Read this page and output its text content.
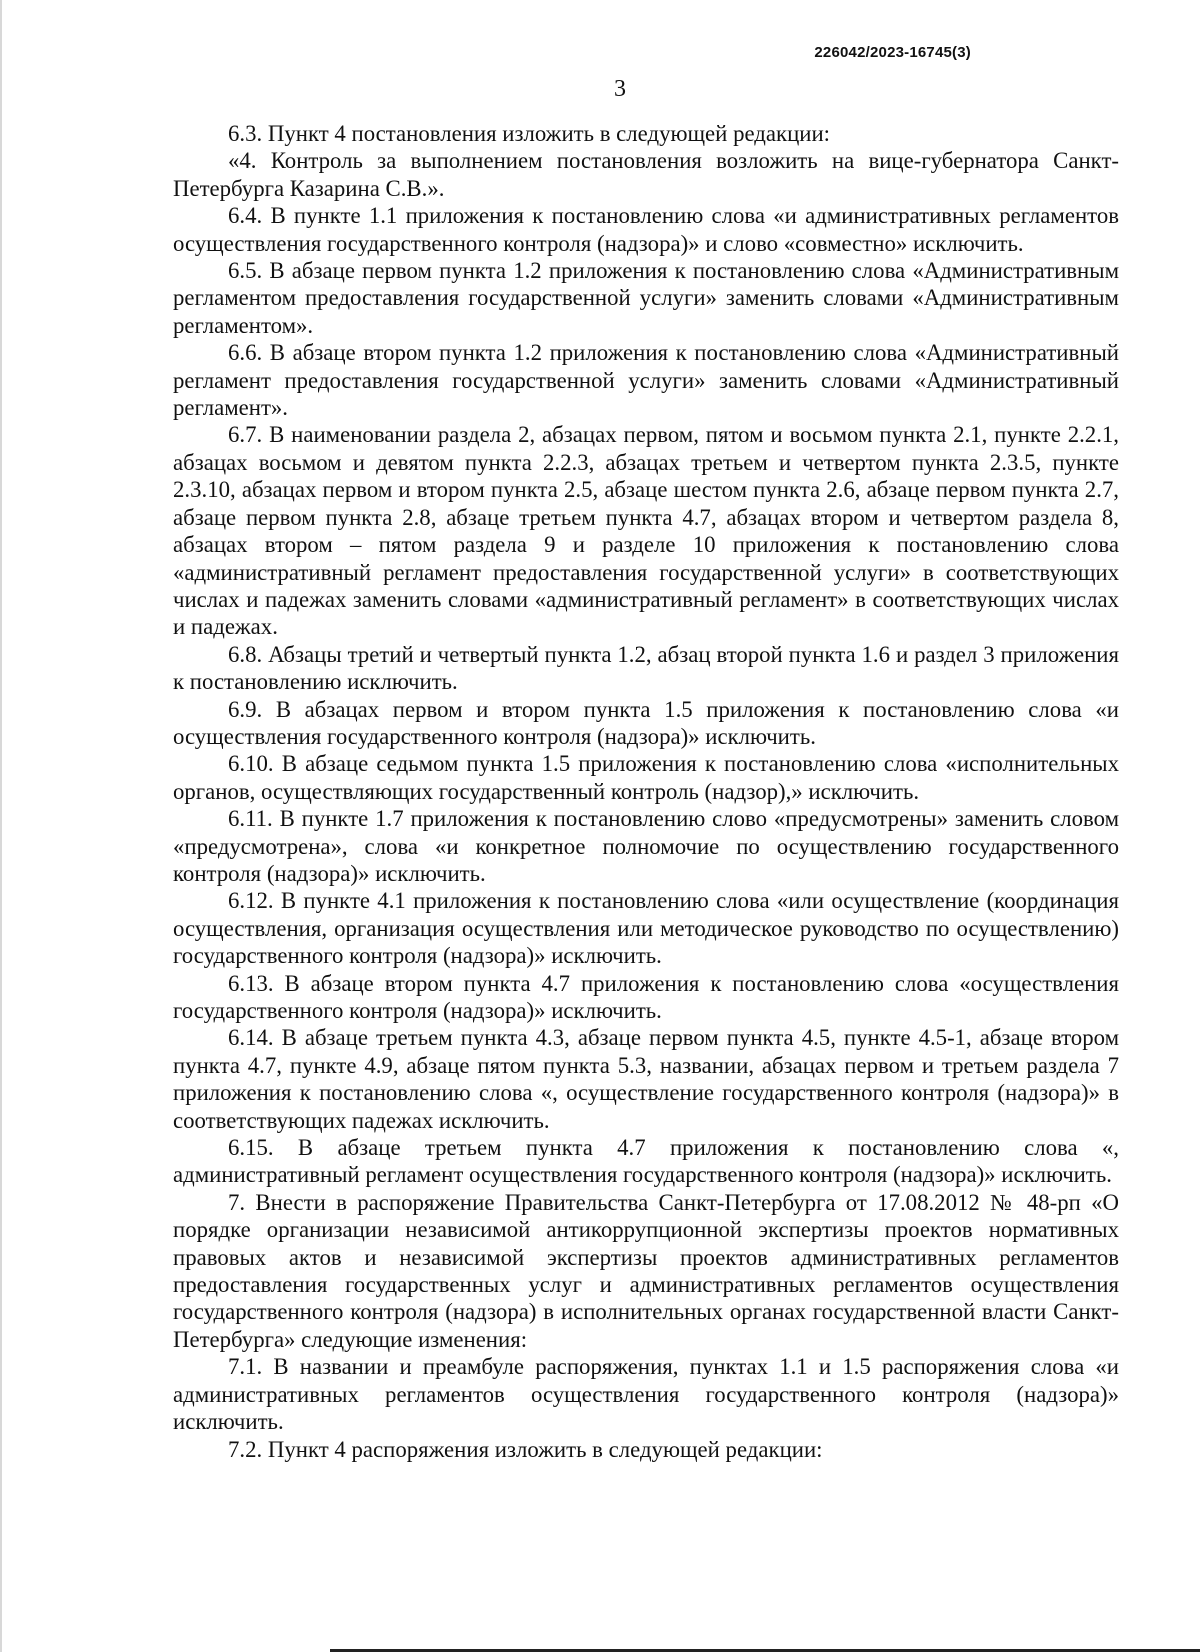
226042/2023-16745(3)
3

6.3. Пункт 4 постановления изложить в следующей редакции:

«4. Контроль за выполнением постановления возложить на вице-губернатора Санкт-Петербурга Казарина С.В.».

6.4. В пункте 1.1 приложения к постановлению слова «и административных регламентов осуществления государственного контроля (надзора)» и слово «совместно» исключить.

6.5. В абзаце первом пункта 1.2 приложения к постановлению слова «Административным регламентом предоставления государственной услуги» заменить словами «Административным регламентом».

6.6. В абзаце втором пункта 1.2 приложения к постановлению слова «Административный регламент предоставления государственной услуги» заменить словами «Административный регламент».

6.7. В наименовании раздела 2, абзацах первом, пятом и восьмом пункта 2.1, пункте 2.2.1, абзацах восьмом и девятом пункта 2.2.3, абзацах третьем и четвертом пункта 2.3.5, пункте 2.3.10, абзацах первом и втором пункта 2.5, абзаце шестом пункта 2.6, абзаце первом пункта 2.7, абзаце первом пункта 2.8, абзаце третьем пункта 4.7, абзацах втором и четвертом раздела 8, абзацах втором – пятом раздела 9 и разделе 10 приложения к постановлению слова «административный регламент предоставления государственной услуги» в соответствующих числах и падежах заменить словами «административный регламент» в соответствующих числах и падежах.

6.8. Абзацы третий и четвертый пункта 1.2, абзац второй пункта 1.6 и раздел 3 приложения к постановлению исключить.

6.9. В абзацах первом и втором пункта 1.5 приложения к постановлению слова «и осуществления государственного контроля (надзора)» исключить.

6.10. В абзаце седьмом пункта 1.5 приложения к постановлению слова «исполнительных органов, осуществляющих государственный контроль (надзор),» исключить.

6.11. В пункте 1.7 приложения к постановлению слово «предусмотрены» заменить словом «предусмотрена», слова «и конкретное полномочие по осуществлению государственного контроля (надзора)» исключить.

6.12. В пункте 4.1 приложения к постановлению слова «или осуществление (координация осуществления, организация осуществления или методическое руководство по осуществлению) государственного контроля (надзора)» исключить.

6.13. В абзаце втором пункта 4.7 приложения к постановлению слова «осуществления государственного контроля (надзора)» исключить.

6.14. В абзаце третьем пункта 4.3, абзаце первом пункта 4.5, пункте 4.5-1, абзаце втором пункта 4.7, пункте 4.9, абзаце пятом пункта 5.3, названии, абзацах первом и третьем раздела 7 приложения к постановлению слова «, осуществление государственного контроля (надзора)» в соответствующих падежах исключить.

6.15. В абзаце третьем пункта 4.7 приложения к постановлению слова «, административный регламент осуществления государственного контроля (надзора)» исключить.

7. Внести в распоряжение Правительства Санкт-Петербурга от 17.08.2012 № 48-рп «О порядке организации независимой антикоррупционной экспертизы проектов нормативных правовых актов и независимой экспертизы проектов административных регламентов предоставления государственных услуг и административных регламентов осуществления государственного контроля (надзора) в исполнительных органах государственной власти Санкт-Петербурга» следующие изменения:

7.1. В названии и преамбуле распоряжения, пунктах 1.1 и 1.5 распоряжения слова «и административных регламентов осуществления государственного контроля (надзора)» исключить.

7.2. Пункт 4 распоряжения изложить в следующей редакции:
